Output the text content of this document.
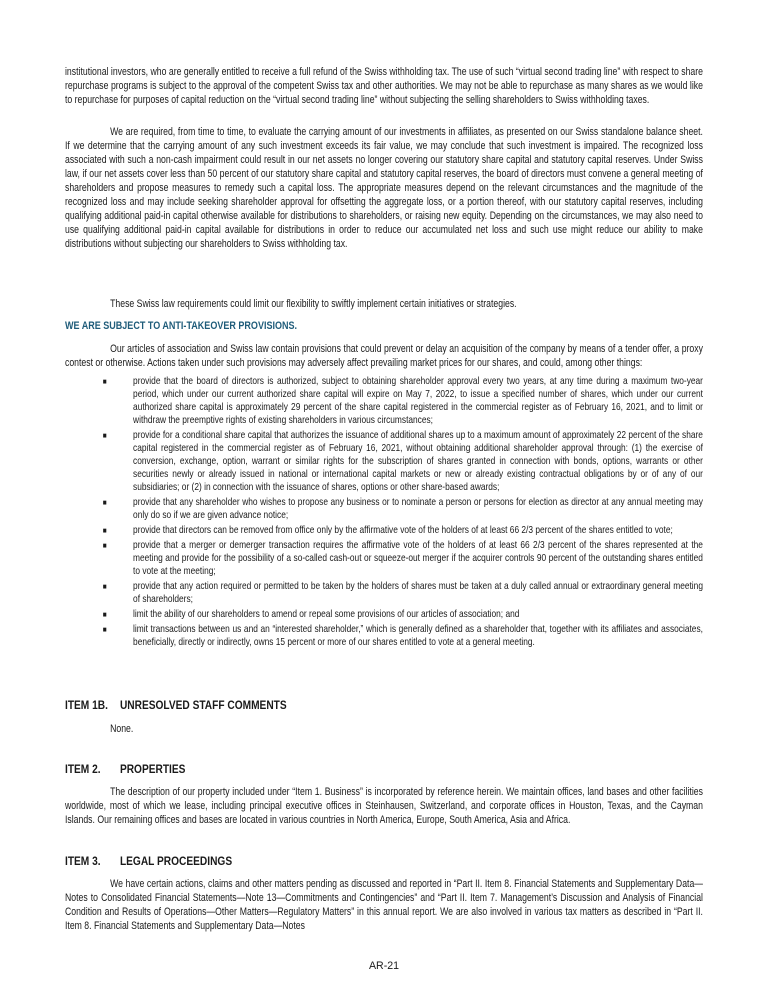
institutional investors, who are generally entitled to receive a full refund of the Swiss withholding tax. The use of such “virtual second trading line” with respect to share repurchase programs is subject to the approval of the competent Swiss tax and other authorities. We may not be able to repurchase as many shares as we would like to repurchase for purposes of capital reduction on the “virtual second trading line” without subjecting the selling shareholders to Swiss withholding taxes.

We are required, from time to time, to evaluate the carrying amount of our investments in affiliates, as presented on our Swiss standalone balance sheet. If we determine that the carrying amount of any such investment exceeds its fair value, we may conclude that such investment is impaired. The recognized loss associated with such a non-cash impairment could result in our net assets no longer covering our statutory share capital and statutory capital reserves. Under Swiss law, if our net assets cover less than 50 percent of our statutory share capital and statutory capital reserves, the board of directors must convene a general meeting of shareholders and propose measures to remedy such a capital loss. The appropriate measures depend on the relevant circumstances and the magnitude of the recognized loss and may include seeking shareholder approval for offsetting the aggregate loss, or a portion thereof, with our statutory capital reserves, including qualifying additional paid-in capital otherwise available for distributions to shareholders, or raising new equity. Depending on the circumstances, we may also need to use qualifying additional paid-in capital available for distributions in order to reduce our accumulated net loss and such use might reduce our ability to make distributions without subjecting our shareholders to Swiss withholding tax.

These Swiss law requirements could limit our flexibility to swiftly implement certain initiatives or strategies.

WE ARE SUBJECT TO ANTI-TAKEOVER PROVISIONS.

Our articles of association and Swiss law contain provisions that could prevent or delay an acquisition of the company by means of a tender offer, a proxy contest or otherwise. Actions taken under such provisions may adversely affect prevailing market prices for our shares, and could, among other things:

■	provide that the board of directors is authorized, subject to obtaining shareholder approval every two years, at any time during a maximum two-year period, which under our current authorized share capital will expire on May 7, 2022, to issue a specified number of shares, which under our current authorized share capital is approximately 29 percent of the share capital registered in the commercial register as of February 16, 2021, and to limit or withdraw the preemptive rights of existing shareholders in various circumstances;
■	provide for a conditional share capital that authorizes the issuance of additional shares up to a maximum amount of approximately 22 percent of the share capital registered in the commercial register as of February 16, 2021, without obtaining additional shareholder approval through: (1) the exercise of conversion, exchange, option, warrant or similar rights for the subscription of shares granted in connection with bonds, options, warrants or other securities newly or already issued in national or international capital markets or new or already existing contractual obligations by or of any of our subsidiaries; or (2) in connection with the issuance of shares, options or other share-based awards;
■	provide that any shareholder who wishes to propose any business or to nominate a person or persons for election as director at any annual meeting may only do so if we are given advance notice;
■	provide that directors can be removed from office only by the affirmative vote of the holders of at least 66 2/3 percent of the shares entitled to vote;
■	provide that a merger or demerger transaction requires the affirmative vote of the holders of at least 66 2/3 percent of the shares represented at the meeting and provide for the possibility of a so-called cash-out or squeeze-out merger if the acquirer controls 90 percent of the outstanding shares entitled to vote at the meeting;
■	provide that any action required or permitted to be taken by the holders of shares must be taken at a duly called annual or extraordinary general meeting of shareholders;
■	limit the ability of our shareholders to amend or repeal some provisions of our articles of association; and
■	limit transactions between us and an “interested shareholder,” which is generally defined as a shareholder that, together with its affiliates and associates, beneficially, directly or indirectly, owns 15 percent or more of our shares entitled to vote at a general meeting.
ITEM 1B. UNRESOLVED STAFF COMMENTS

None.

ITEM 2. PROPERTIES

The description of our property included under “Item 1. Business” is incorporated by reference herein. We maintain offices, land bases and other facilities worldwide, most of which we lease, including principal executive offices in Steinhausen, Switzerland, and corporate offices in Houston, Texas, and the Cayman Islands. Our remaining offices and bases are located in various countries in North America, Europe, South America, Asia and Africa.

ITEM 3. LEGAL PROCEEDINGS

We have certain actions, claims and other matters pending as discussed and reported in “Part II. Item 8. Financial Statements and Supplementary Data—Notes to Consolidated Financial Statements—Note 13—Commitments and Contingencies” and “Part II. Item 7. Management’s Discussion and Analysis of Financial Condition and Results of Operations—Other Matters—Regulatory Matters” in this annual report. We are also involved in various tax matters as described in “Part II. Item 8. Financial Statements and Supplementary Data—Notes

AR-21
